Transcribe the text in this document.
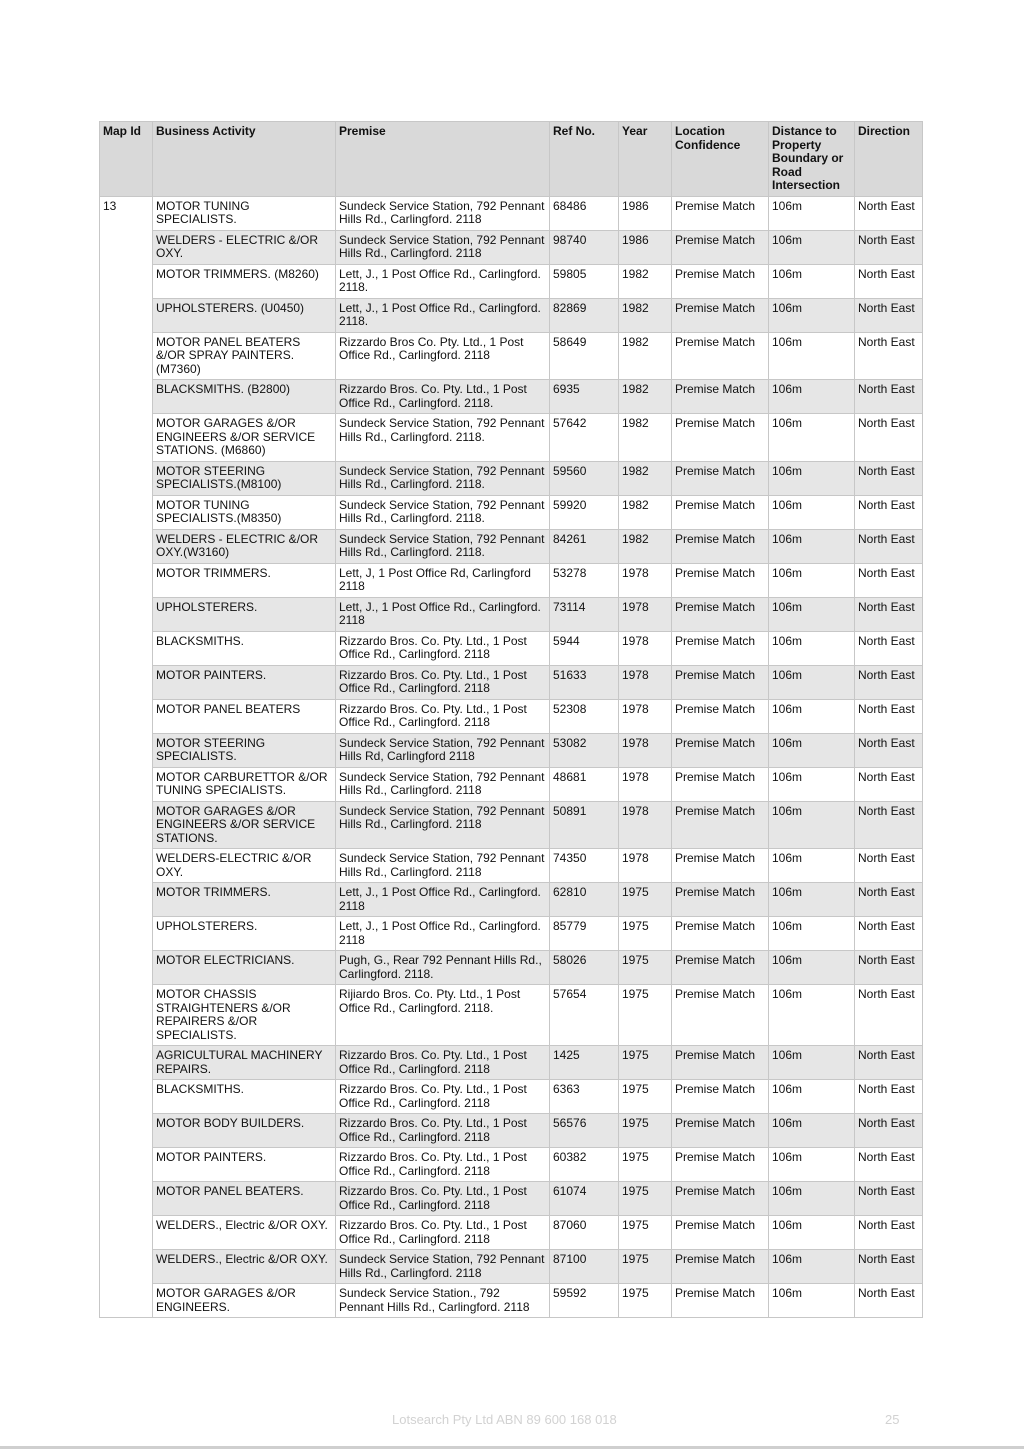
Map Id	Business Activity	Premise	Ref No.	Year	Location Confidence	Distance to Property Boundary or Road Intersection	Direction
13	MOTOR TUNING SPECIALISTS.	Sundeck Service Station, 792 Pennant Hills Rd., Carlingford. 2118	68486	1986	Premise Match	106m	North East
	WELDERS - ELECTRIC &/OR OXY.	Sundeck Service Station, 792 Pennant Hills Rd., Carlingford. 2118	98740	1986	Premise Match	106m	North East
	MOTOR TRIMMERS. (M8260)	Lett, J., 1 Post Office Rd., Carlingford. 2118.	59805	1982	Premise Match	106m	North East
	UPHOLSTERERS. (U0450)	Lett, J., 1 Post Office Rd., Carlingford. 2118.	82869	1982	Premise Match	106m	North East
	MOTOR PANEL BEATERS &/OR SPRAY PAINTERS. (M7360)	Rizzardo Bros Co. Pty. Ltd., 1 Post Office Rd., Carlingford. 2118	58649	1982	Premise Match	106m	North East
	BLACKSMITHS. (B2800)	Rizzardo Bros. Co. Pty. Ltd., 1 Post Office Rd., Carlingford. 2118.	6935	1982	Premise Match	106m	North East
	MOTOR GARAGES &/OR ENGINEERS &/OR SERVICE STATIONS. (M6860)	Sundeck Service Station, 792 Pennant Hills Rd., Carlingford. 2118.	57642	1982	Premise Match	106m	North East
	MOTOR STEERING SPECIALISTS.(M8100)	Sundeck Service Station, 792 Pennant Hills Rd., Carlingford. 2118.	59560	1982	Premise Match	106m	North East
	MOTOR TUNING SPECIALISTS.(M8350)	Sundeck Service Station, 792 Pennant Hills Rd., Carlingford. 2118.	59920	1982	Premise Match	106m	North East
	WELDERS - ELECTRIC &/OR OXY.(W3160)	Sundeck Service Station, 792 Pennant Hills Rd., Carlingford. 2118.	84261	1982	Premise Match	106m	North East
	MOTOR TRIMMERS.	Lett, J, 1 Post Office Rd, Carlingford 2118	53278	1978	Premise Match	106m	North East
	UPHOLSTERERS.	Lett, J., 1 Post Office Rd., Carlingford. 2118	73114	1978	Premise Match	106m	North East
	BLACKSMITHS.	Rizzardo Bros. Co. Pty. Ltd., 1 Post Office Rd., Carlingford. 2118	5944	1978	Premise Match	106m	North East
	MOTOR PAINTERS.	Rizzardo Bros. Co. Pty. Ltd., 1 Post Office Rd., Carlingford. 2118	51633	1978	Premise Match	106m	North East
	MOTOR PANEL BEATERS	Rizzardo Bros. Co. Pty. Ltd., 1 Post Office Rd., Carlingford. 2118	52308	1978	Premise Match	106m	North East
	MOTOR STEERING SPECIALISTS.	Sundeck Service Station, 792 Pennant Hills Rd, Carlingford 2118	53082	1978	Premise Match	106m	North East
	MOTOR CARBURETTOR &/OR TUNING SPECIALISTS.	Sundeck Service Station, 792 Pennant Hills Rd., Carlingford. 2118	48681	1978	Premise Match	106m	North East
	MOTOR GARAGES &/OR ENGINEERS &/OR SERVICE STATIONS.	Sundeck Service Station, 792 Pennant Hills Rd., Carlingford. 2118	50891	1978	Premise Match	106m	North East
	WELDERS-ELECTRIC &/OR OXY.	Sundeck Service Station, 792 Pennant Hills Rd., Carlingford. 2118	74350	1978	Premise Match	106m	North East
	MOTOR TRIMMERS.	Lett, J., 1 Post Office Rd., Carlingford. 2118	62810	1975	Premise Match	106m	North East
	UPHOLSTERERS.	Lett, J., 1 Post Office Rd., Carlingford. 2118	85779	1975	Premise Match	106m	North East
	MOTOR ELECTRICIANS.	Pugh, G., Rear 792 Pennant Hills Rd., Carlingford. 2118.	58026	1975	Premise Match	106m	North East
	MOTOR CHASSIS STRAIGHTENERS &/OR REPAIRERS &/OR SPECIALISTS.	Rijiardo Bros. Co. Pty. Ltd., 1 Post Office Rd., Carlingford. 2118.	57654	1975	Premise Match	106m	North East
	AGRICULTURAL MACHINERY REPAIRS.	Rizzardo Bros. Co. Pty. Ltd., 1 Post Office Rd., Carlingford. 2118	1425	1975	Premise Match	106m	North East
	BLACKSMITHS.	Rizzardo Bros. Co. Pty. Ltd., 1 Post Office Rd., Carlingford. 2118	6363	1975	Premise Match	106m	North East
	MOTOR BODY BUILDERS.	Rizzardo Bros. Co. Pty. Ltd., 1 Post Office Rd., Carlingford. 2118	56576	1975	Premise Match	106m	North East
	MOTOR PAINTERS.	Rizzardo Bros. Co. Pty. Ltd., 1 Post Office Rd., Carlingford. 2118	60382	1975	Premise Match	106m	North East
	MOTOR PANEL BEATERS.	Rizzardo Bros. Co. Pty. Ltd., 1 Post Office Rd., Carlingford. 2118	61074	1975	Premise Match	106m	North East
	WELDERS., Electric &/OR OXY.	Rizzardo Bros. Co. Pty. Ltd., 1 Post Office Rd., Carlingford. 2118	87060	1975	Premise Match	106m	North East
	WELDERS., Electric &/OR OXY.	Sundeck Service Station, 792 Pennant Hills Rd., Carlingford. 2118	87100	1975	Premise Match	106m	North East
	MOTOR GARAGES &/OR ENGINEERS.	Sundeck Service Station., 792 Pennant Hills Rd., Carlingford. 2118	59592	1975	Premise Match	106m	North East
Lotsearch Pty Ltd ABN 89 600 168 018	25
